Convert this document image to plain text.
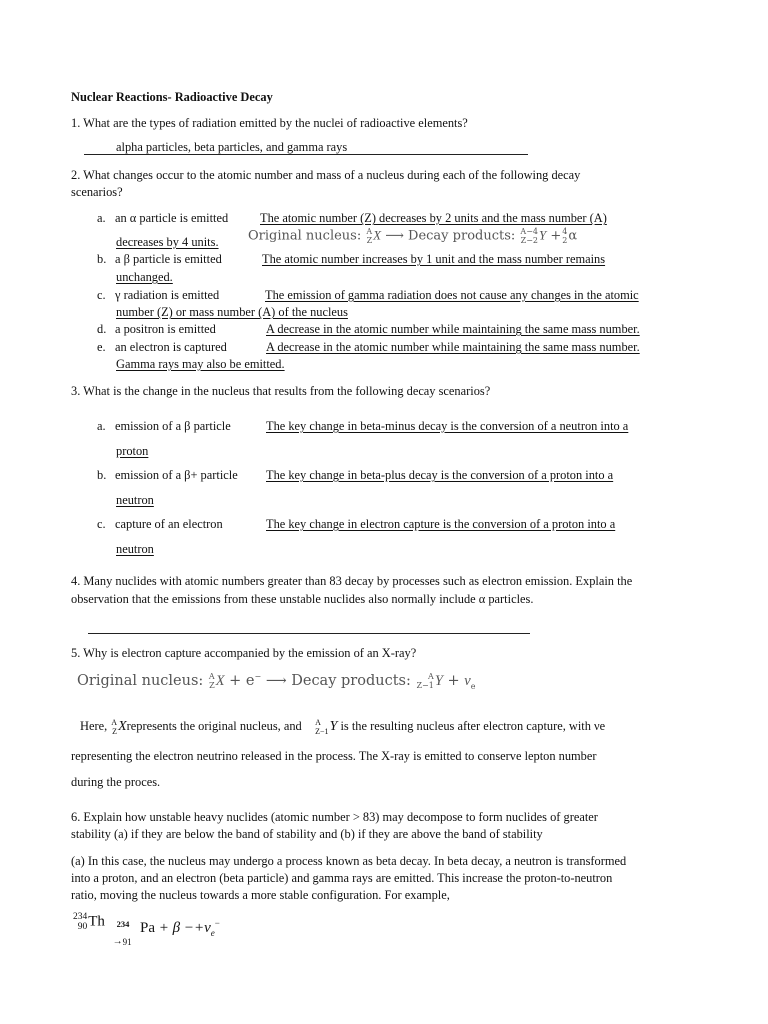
Nuclear Reactions- Radioactive Decay
1. What are the types of radiation emitted by the nuclei of radioactive elements?
alpha particles, beta particles, and gamma rays
2. What changes occur to the atomic number and mass of a nucleus during each of the following decay
scenarios?
a. an α particle is emitted	The atomic number (Z) decreases by 2 units and the mass number (A)
decreases by 4 units. Original nucleus: A
Z X ⟶ Decay products: A−4
Z−2 Y + 4
2 α
b. a β particle is emitted	The atomic number increases by 1 unit and the mass number remains
unchanged.
c. γ radiation is emitted	The emission of gamma radiation does not cause any changes in the atomic
number (Z) or mass number (A) of the nucleus
d. a positron is emitted	A decrease in the atomic number while maintaining the same mass number.
e. an electron is captured	A decrease in the atomic number while maintaining the same mass number.
Gamma rays may also be emitted.
3. What is the change in the nucleus that results from the following decay scenarios?
a. emission of a β particle	The key change in beta-minus decay is the conversion of a neutron into a
proton
b. emission of a β+ particle The key change in beta-plus decay is the conversion of a proton into a
neutron
c. capture of an electron	The key change in electron capture is the conversion of a proton into a
neutron
4. Many nuclides with atomic numbers greater than 83 decay by processes such as electron emission. Explain the
observation that the emissions from these unstable nuclides also normally include α particles.
5. Why is electron capture accompanied by the emission of an X-ray?
Original nucleus: A
Z X + e− ⟶ Decay products:	A
Z−1 $Y + \nu_e$
Here, A
Z Xrepresents the original nucleus, and A
Z−1 Y is the resulting nucleus after electron capture, with νe
representing the electron neutrino released in the process. The X-ray is emitted to conserve lepton number
during the proces.
6. Explain how unstable heavy nuclides (atomic number > 83) may decompose to form nuclides of greater
stability (a) if they are below the band of stability and (b) if they are above the band of stability
(a) In this case, the nucleus may undergo a process known as beta decay. In beta decay, a neutron is transformed
into a proton, and an electron (beta particle) and gamma rays are emitted. This increase the proton-to-neutron
ratio, moving the nucleus towards a more stable configuration. For example,
234
90 Th 234
→ 91
$Pa + \beta -+\nu_e^-$
